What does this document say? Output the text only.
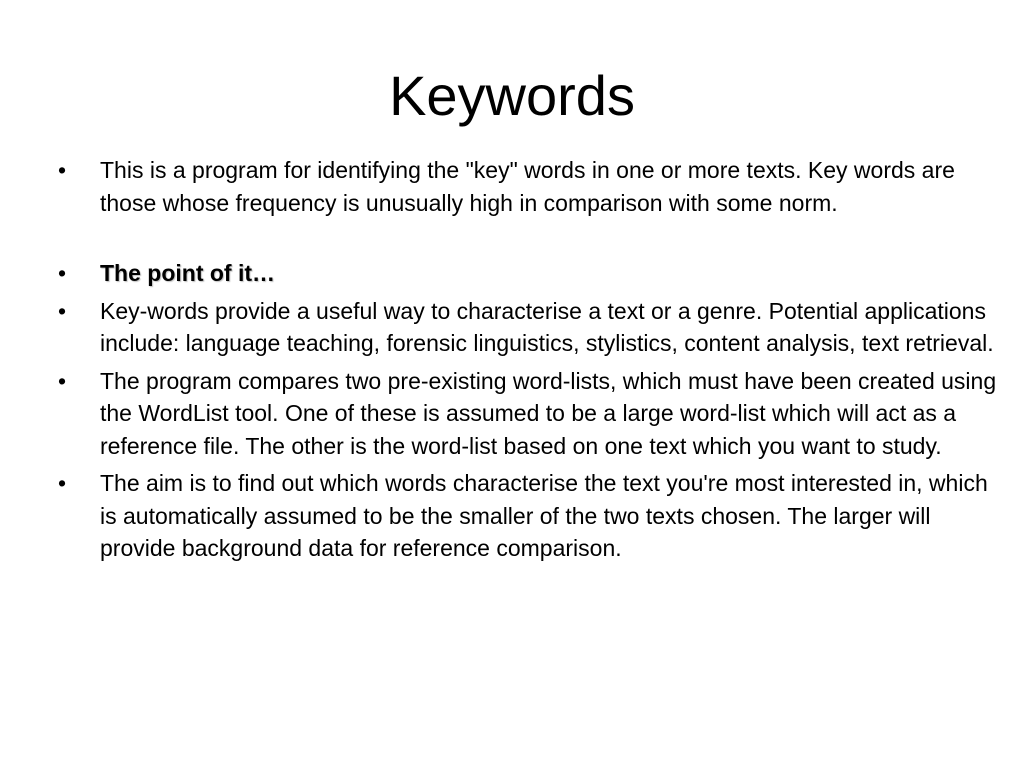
Keywords
•	This is a program for identifying the "key" words in one or more texts. Key words are those whose frequency is unusually high in comparison with some norm.
•	The point of it…
•	Key-words provide a useful way to characterise a text or a genre. Potential applications include: language teaching, forensic linguistics, stylistics, content analysis, text retrieval.
•	The program compares two pre-existing word-lists, which must have been created using the WordList tool. One of these is assumed to be a large word-list which will act as a reference file. The other is the word-list based on one text which you want to study.
•	The aim is to find out which words characterise the text you're most interested in, which is automatically assumed to be the smaller of the two texts chosen. The larger will provide background data for reference comparison.
